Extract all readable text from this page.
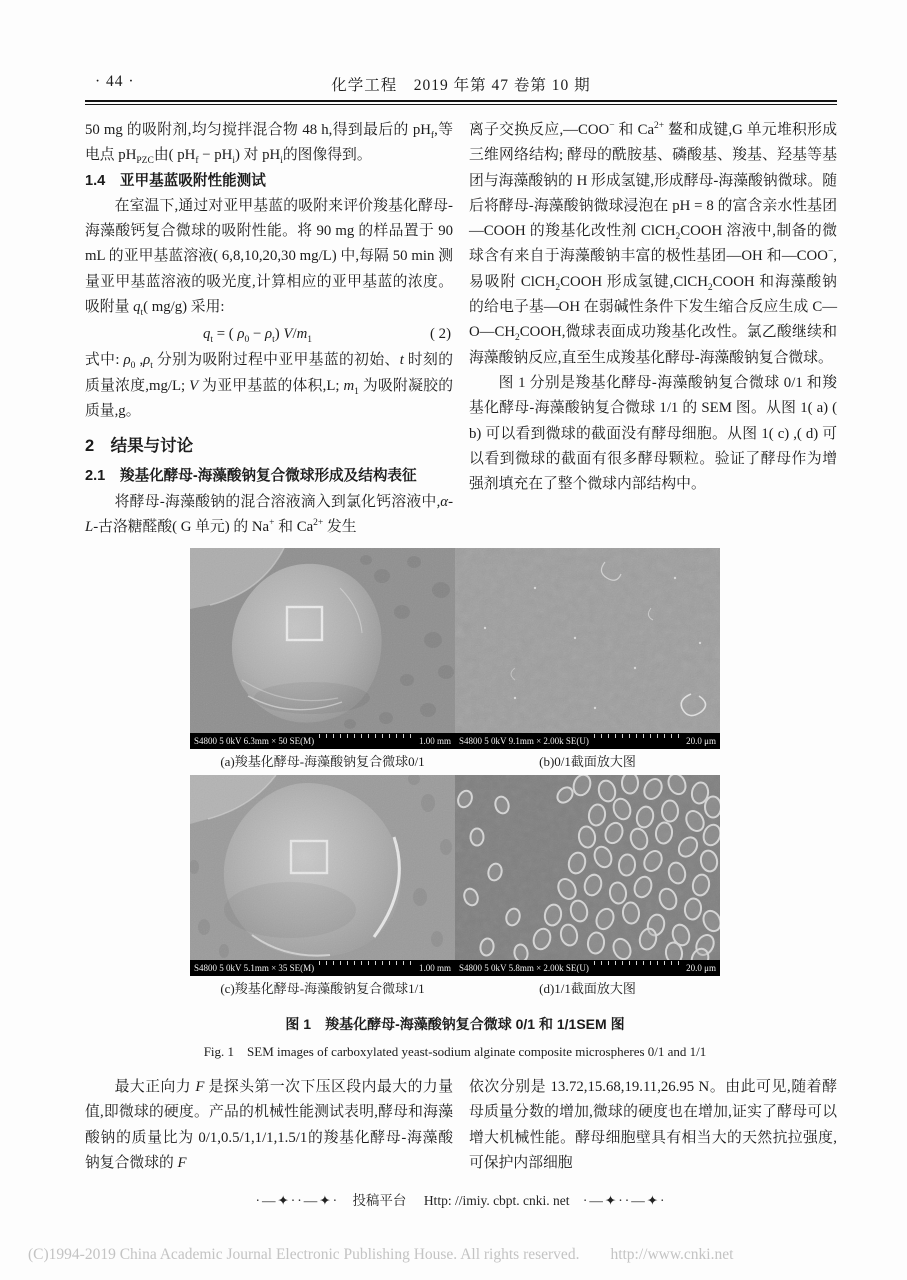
· 44 ·	化学工程　2019 年第 47 卷第 10 期

50 mg 的吸附剂,均匀搅拌混合物 48 h,得到最后的 $pH_f$,等电点 $pH_{PZC}$由( $pH_f - pH_i$) 对 $pH_i$的图像得到。

1.4　亚甲基蓝吸附性能测试

在室温下,通过对亚甲基蓝的吸附来评价羧基化酵母-海藻酸钙复合微球的吸附性能。将 90 mg 的样品置于 90 mL 的亚甲基蓝溶液( 6,8,10,20,30 mg/L) 中,每隔 50 min 测量亚甲基蓝溶液的吸光度,计算相应的亚甲基蓝的浓度。吸附量 $q_t$( mg/g) 采用:

$q_t$ = ( $\rho_0 - \rho_t$) $V/m_1$	( 2)

式中: $\rho_0$ $,\rho_t$ 分别为吸附过程中亚甲基蓝的初始、t 时刻的质量浓度,mg/L; V 为亚甲基蓝的体积,L; $m_1$ 为吸附凝胶的质量,g。

2　结果与讨论
2.1　羧基化酵母-海藻酸钠复合微球形成及结构表征

将酵母-海藻酸钠的混合溶液滴入到氯化钙溶液中,α-L-古洛糖醛酸( G 单元) 的 Na+ 和 $Ca^{2+}$ 发生

离子交换反应,—COO− 和 $Ca^{2+}$ 鳌和成键,G 单元堆积形成三维网络结构; 酵母的酰胺基、磷酸基、羧基、羟基等基团与海藻酸钠的 H 形成氢键,形成酵母-海藻酸钠微球。随后将酵母-海藻酸钠微球浸泡在 pH = 8 的富含亲水性基团—COOH 的羧基化改性剂 ClCH$_2$COOH 溶液中,制备的微球含有来自于海藻酸钠丰富的极性基团—OH 和—COO−,易吸附 ClCH$_2$COOH 形成氢键,ClCH$_2$COOH 和海藻酸钠的给电子基—OH 在弱碱性条件下发生缩合反应生成 $C—O—CH_2COOH$,微球表面成功羧基化改性。氯乙酸继续和海藻酸钠反应,直至生成羧基化酵母-海藻酸钠复合微球。

图 1 分别是羧基化酵母-海藻酸钠复合微球 0/1 和羧基化酵母-海藻酸钠复合微球 1/1 的 SEM 图。从图 1( a) ( b) 可以看到微球的截面没有酵母细胞。从图 1( c) ,( d) 可以看到微球的截面有很多酵母颗粒。验证了酵母作为增强剂填充在了整个微球内部结构中。

S4800 5 0kV 6.3mm × 50 SE(M)	1.00 mm S4800 5 0kV 9.1mm × 2.00k SE(U)	20.0 μm
(a)羧基化酵母-海藻酸钠复合微球0/1	(b)0/1截面放大图
S4800 5 0kV 5.1mm × 35 SE(M)	1.00 mm S4800 5 0kV 5.8mm × 2.00k SE(U)	20.0 μm
(c)羧基化酵母-海藻酸钠复合微球1/1	(d)1/1截面放大图
图 1　羧基化酵母-海藻酸钠复合微球 0/1 和 1/1SEM 图
Fig. 1　SEM images of carboxylated yeast-sodium alginate composite microspheres 0/1 and 1/1

最大正向力 F 是探头第一次下压区段内最大的力量值,即微球的硬度。产品的机械性能测试表明,酵母和海藻酸钠的质量比为 0/1,0.5/1,1/1,1.5/1的羧基化酵母-海藻酸钠复合微球的 F

依次分别是 13.72,15.68,19.11,26.95 N。由此可见,随着酵母质量分数的增加,微球的硬度也在增加,证实了酵母可以增大机械性能。酵母细胞壁具有相当大的天然抗拉强度,可保护内部细胞

·—✦··—✦· 投稿平台 Http: //imiy. cbpt. cnki. net ·—✦··—✦·
(C)1994-2019 China Academic Journal Electronic Publishing House. All rights reserved.　　http://www.cnki.net
